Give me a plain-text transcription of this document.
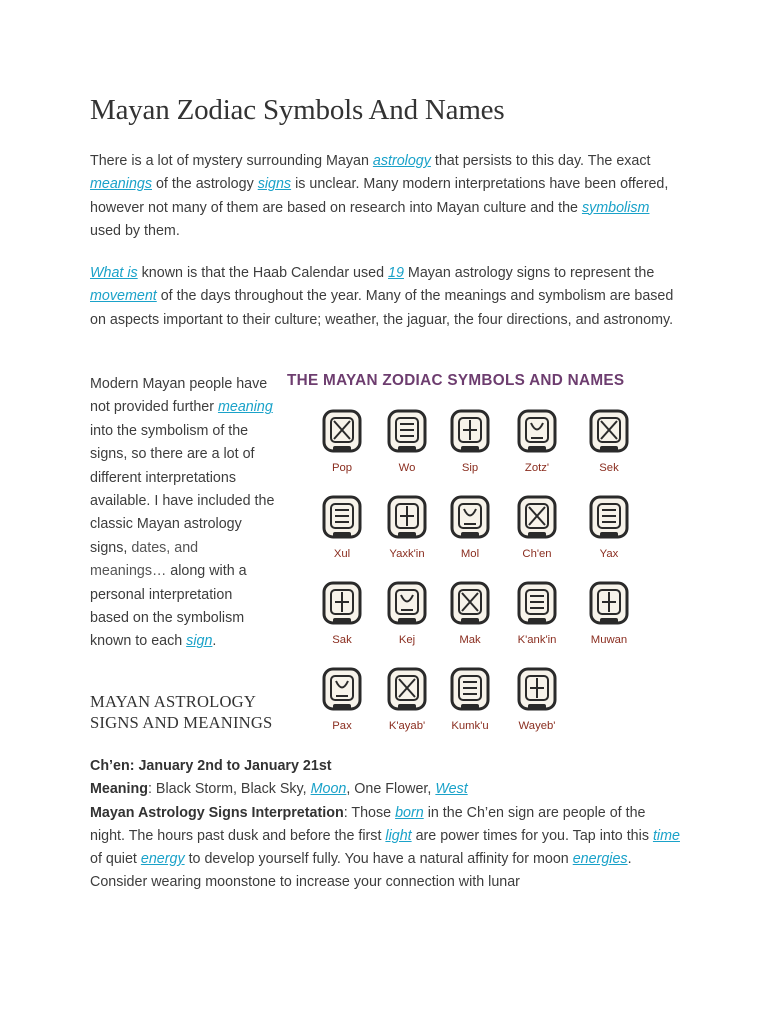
Mayan Zodiac Symbols And Names

There is a lot of mystery surrounding Mayan astrology that persists to this day. The exact meanings of the astrology signs is unclear. Many modern interpretations have been offered, however not many of them are based on research into Mayan culture and the symbolism used by them.

What is known is that the Haab Calendar used 19 Mayan astrology signs to represent the movement of the days throughout the year. Many of the meanings and symbolism are based on aspects important to their culture; weather, the jaguar, the four directions, and astronomy.

Modern Mayan people have not provided further meaning into the symbolism of the signs, so there are a lot of different interpretations available. I have included the classic Mayan astrology signs, dates, and meanings… along with a personal interpretation based on the symbolism known to each sign.
MAYAN ASTROLOGY SIGNS AND MEANINGS
THE MAYAN ZODIAC SYMBOLS AND NAMES
Pop	Wo	Sip	Zotz'	Sek
Xul	Yaxk'in	Mol	Ch'en	Yax
Sak	Kej	Mak	K'ank'in	Muwan
Pax	K'ayab'	Kumk'u	Wayeb'
Ch’en: January 2nd to January 21st
Meaning: Black Storm, Black Sky, Moon, One Flower, West
Mayan Astrology Signs Interpretation: Those born in the Ch’en sign are people of the night. The hours past dusk and before the first light are power times for you. Tap into this time of quiet energy to develop yourself fully. You have a natural affinity for moon energies. Consider wearing moonstone to increase your connection with lunar
